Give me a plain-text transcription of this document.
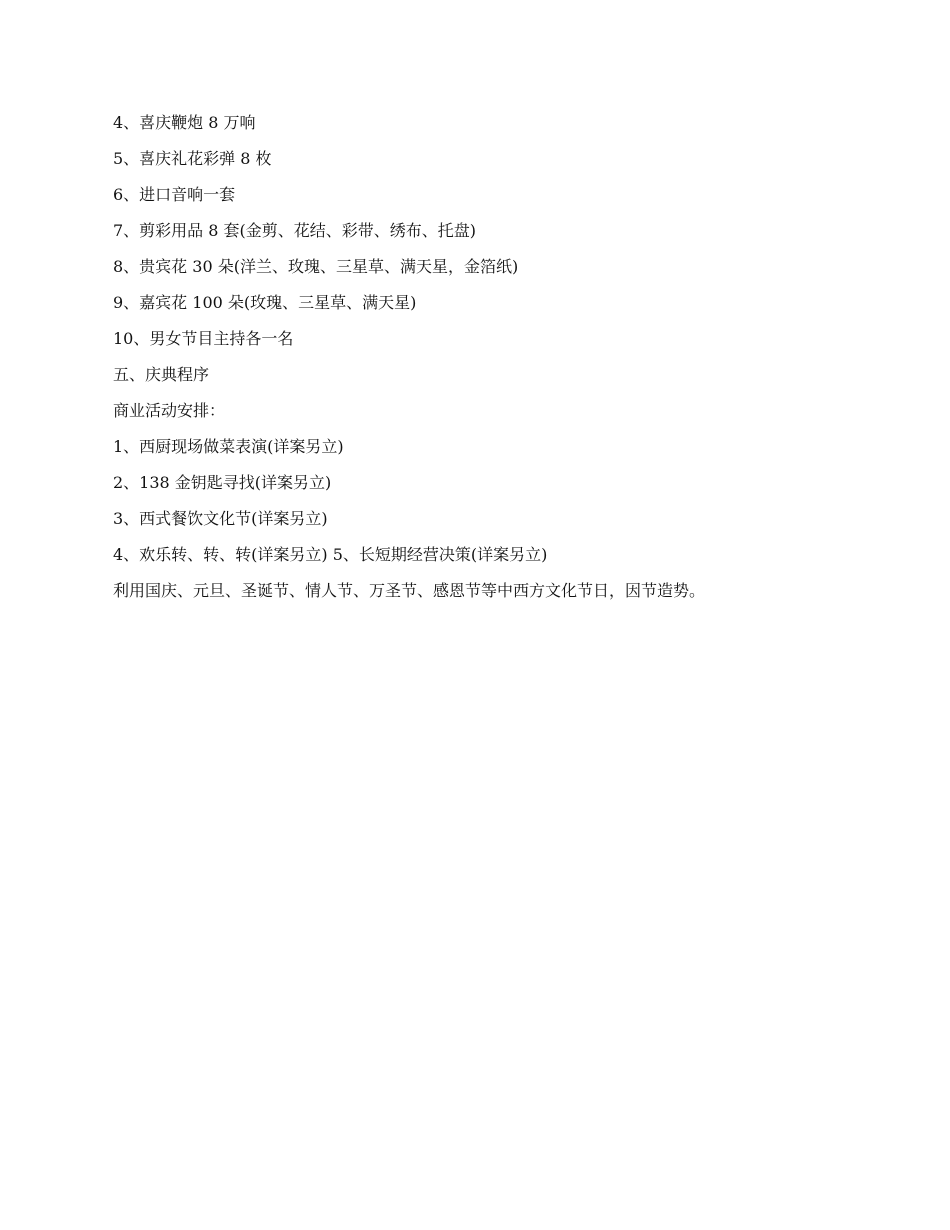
4、喜庆鞭炮 8 万响

5、喜庆礼花彩弹 8 枚

6、进口音响一套

7、剪彩用品 8 套(金剪、花结、彩带、绣布、托盘)

8、贵宾花 30 朵(洋兰、玫瑰、三星草、满天星，金箔纸)

9、嘉宾花 100 朵(玫瑰、三星草、满天星)

10、男女节目主持各一名

五、庆典程序

商业活动安排：

1、西厨现场做菜表演(详案另立)

2、138 金钥匙寻找(详案另立)

3、西式餐饮文化节(详案另立)

4、欢乐转、转、转(详案另立) 5、长短期经营决策(详案另立)

利用国庆、元旦、圣诞节、情人节、万圣节、感恩节等中西方文化节日，因节造势。
